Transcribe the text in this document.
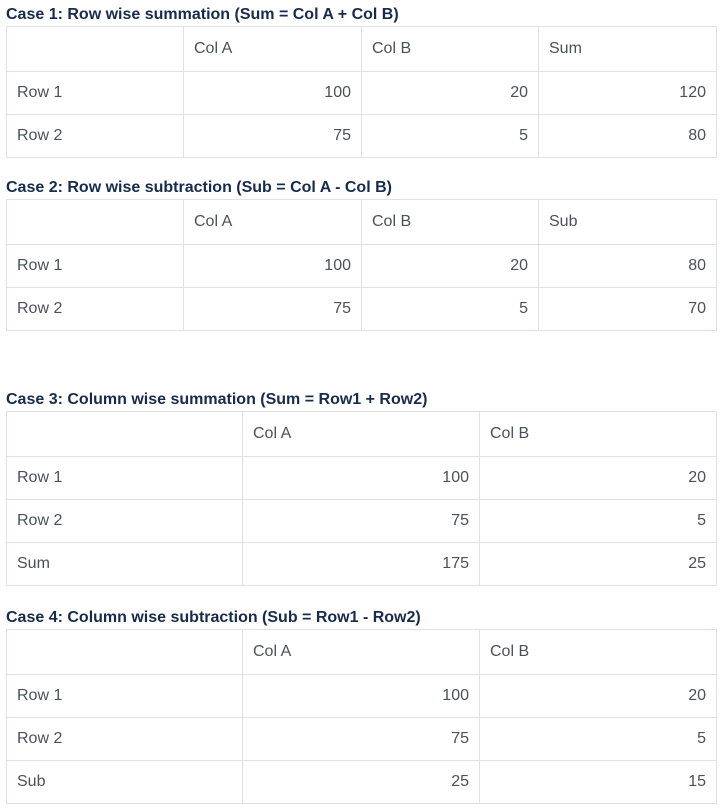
Case 1: Row wise summation (Sum = Col A + Col B)
	Col A	Col B	Sum
Row 1	100	20	120
Row 2	75	5	80
Case 2: Row wise subtraction (Sub = Col A - Col B)
	Col A	Col B	Sub
Row 1	100	20	80
Row 2	75	5	70
Case 3: Column wise summation (Sum = Row1 + Row2)
	Col A	Col B
Row 1	100	20
Row 2	75	5
Sum	175	25
Case 4: Column wise subtraction (Sub = Row1 - Row2)
	Col A	Col B
Row 1	100	20
Row 2	75	5
Sub	25	15
